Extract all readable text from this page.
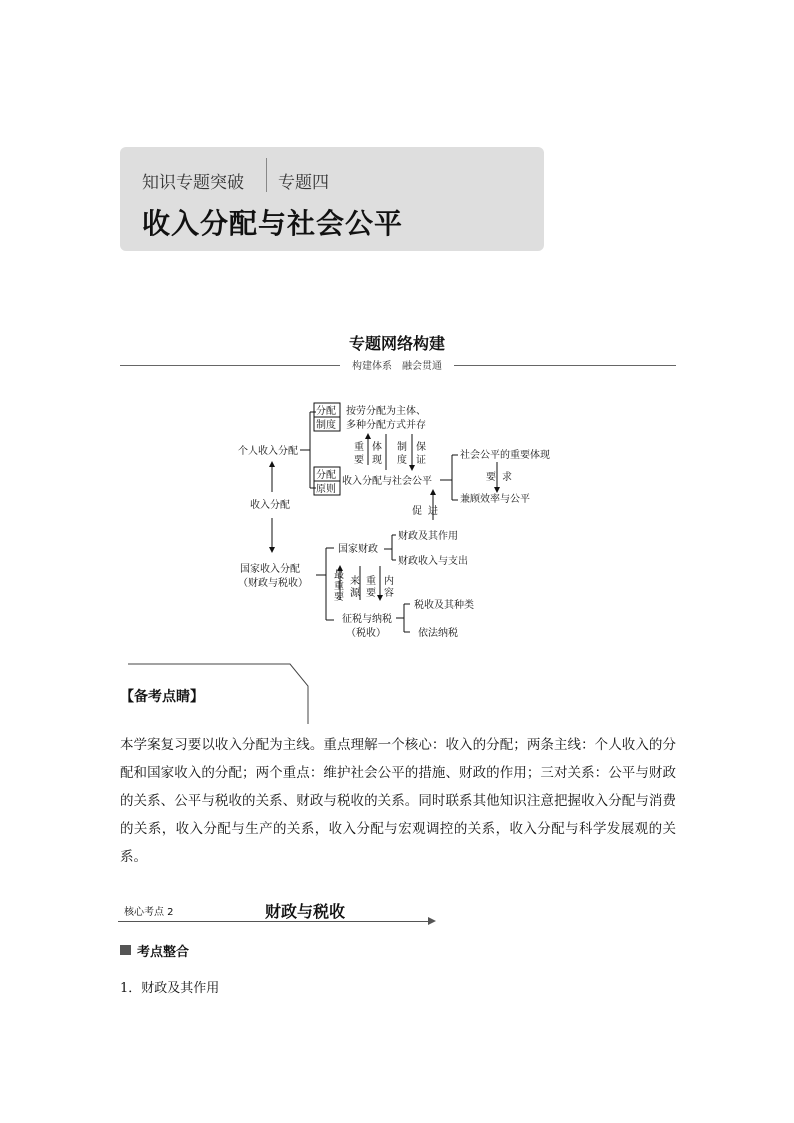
知识专题突破 专题四
收入分配与社会公平
专题网络构建
构建体系　融会贯通
个人收入分配
收入分配
国家收入分配
（财政与税收）
分配
制度
按劳分配为主体、
多种分配方式并存
分配
原则
收入分配与社会公平
重
要
体
现
制
度
保
证	社会公平的重要体现
要 求
兼顾效率与公平
促 进
国家财政
财政及其作用
财政收入与支出
最
重
要
来
源
重
要
内
容
征税与纳税
（税收）
税收及其种类
依法纳税
【备考点睛】
本学案复习要以收入分配为主线。重点理解一个核心：收入的分配；两条主线：个人收入的分配和国家收入的分配；两个重点：维护社会公平的措施、财政的作用；三对关系：公平与财政的关系、公平与税收的关系、财政与税收的关系。同时联系其他知识注意把握收入分配与消费的关系，收入分配与生产的关系，收入分配与宏观调控的关系，收入分配与科学发展观的关系。
核心考点 2	财政与税收
考点整合
1．财政及其作用
